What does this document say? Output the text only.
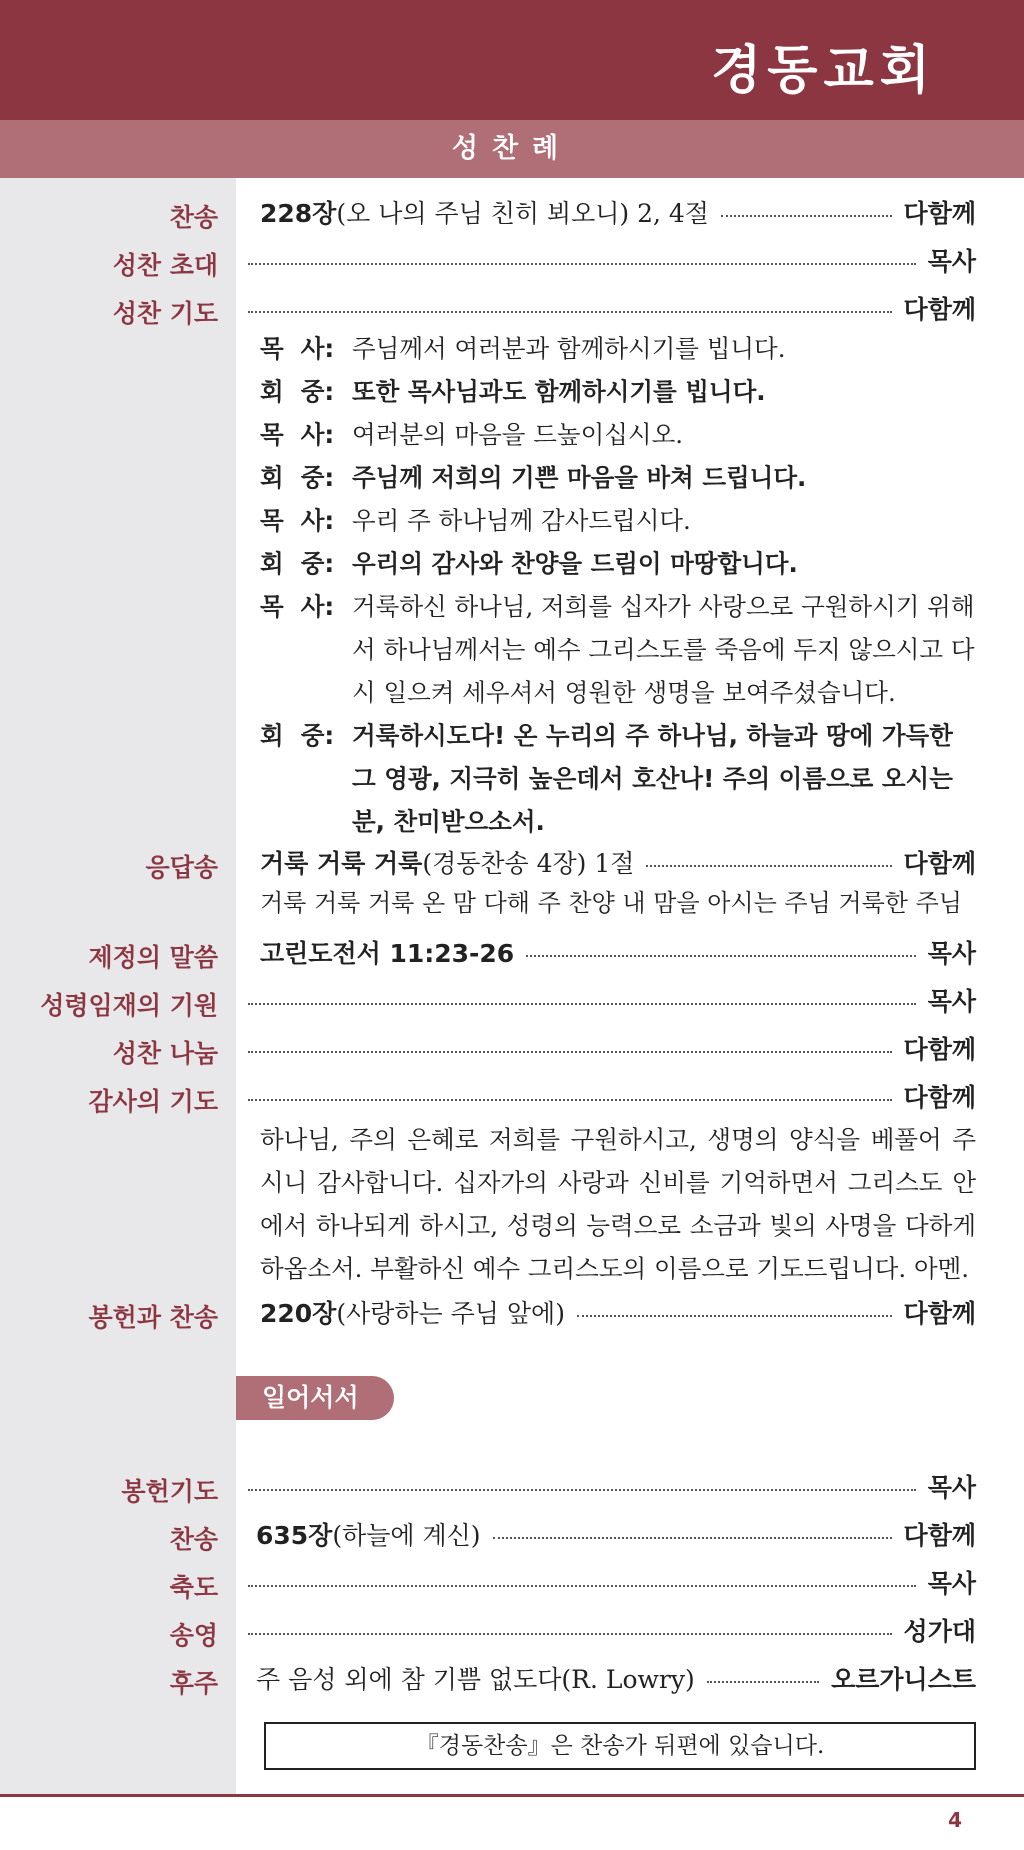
경동교회
성찬례
찬송 228장 (오 나의 주님 친히 뵈오니) 2, 4절	다함께
성찬 초대	목사
성찬 기도	다함께
목  사: 주님께서 여러분과 함께하시기를 빕니다.
회  중: 또한 목사님과도 함께하시기를 빕니다.
목  사: 여러분의 마음을 드높이십시오.
회  중: 주님께 저희의 기쁜 마음을 바쳐 드립니다.
목  사: 우리 주 하나님께 감사드립시다.
회  중: 우리의 감사와 찬양을 드림이 마땅합니다.
목  사: 거룩하신 하나님, 저희를 십자가 사랑으로 구원하시기 위해서 하나님께서는 예수 그리스도를 죽음에 두지 않으시고 다시 일으켜 세우셔서 영원한 생명을 보여주셨습니다.
회  중: 거룩하시도다! 온 누리의 주 하나님, 하늘과 땅에 가득한 그 영광, 지극히 높은데서 호산나! 주의 이름으로 오시는 분, 찬미받으소서.
응답송 거룩 거룩 거룩 (경동찬송 4장) 1절	다함께
거룩 거룩 거룩 온 맘 다해 주 찬양 내 맘을 아시는 주님 거룩한 주님
제정의 말씀 고린도전서 11:23-26	목사
성령임재의 기원	목사
성찬 나눔	다함께
감사의 기도	다함께
하나님, 주의 은혜로 저희를 구원하시고, 생명의 양식을 베풀어 주시니 감사합니다. 십자가의 사랑과 신비를 기억하면서 그리스도 안에서 하나되게 하시고, 성령의 능력으로 소금과 빛의 사명을 다하게 하옵소서. 부활하신 예수 그리스도의 이름으로 기도드립니다. 아멘.
봉헌과 찬송 220장 (사랑하는 주님 앞에)	다함께
일어서서
봉헌기도	목사
찬송 635장 (하늘에 계신)	다함께
축도	목사
송영	성가대
후주 주 음성 외에 참 기쁨 없도다(R. Lowry)	오르가니스트
『경동찬송』은 찬송가 뒤편에 있습니다.
4
